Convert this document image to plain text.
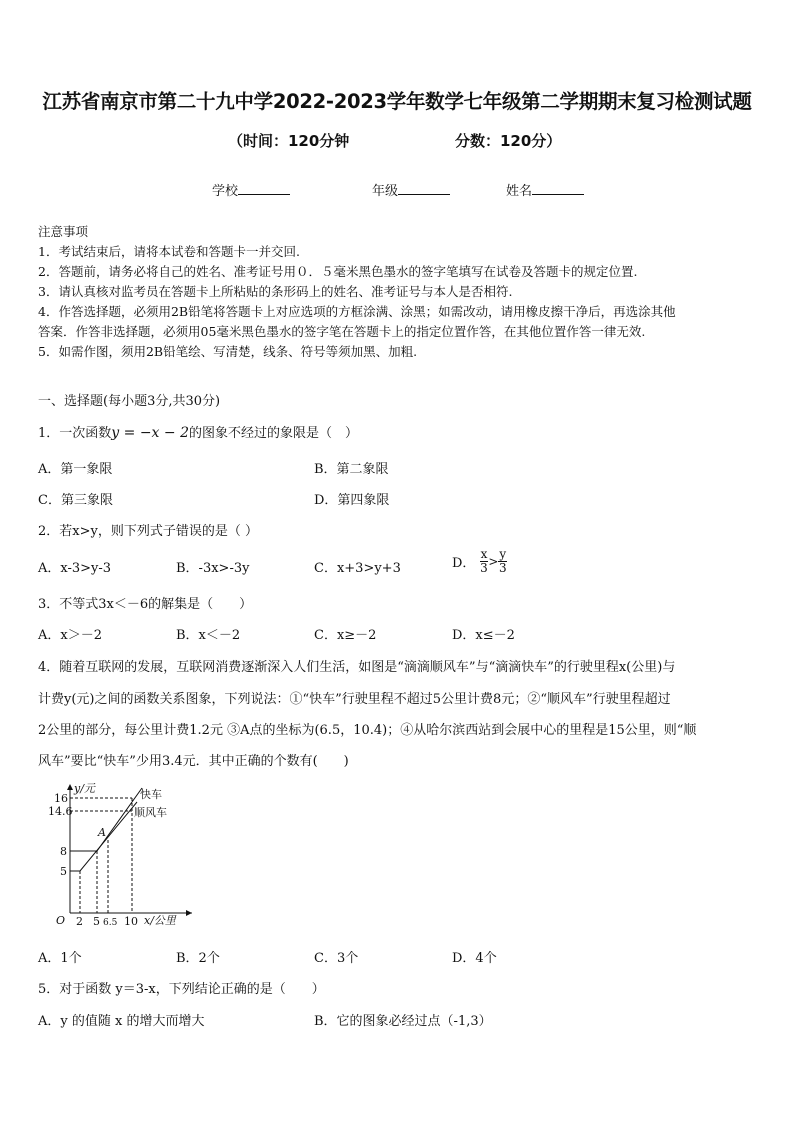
江苏省南京市第二十九中学2022-2023学年数学七年级第二学期期末复习检测试题
（时间：120分钟	分数：120分）
学校	年级	姓名
注意事项
1．考试结束后，请将本试卷和答题卡一并交回.
2．答题前，请务必将自己的姓名、准考证号用０．５毫米黑色墨水的签字笔填写在试卷及答题卡的规定位置.
3．请认真核对监考员在答题卡上所粘贴的条形码上的姓名、准考证号与本人是否相符.
4．作答选择题，必须用2B铅笔将答题卡上对应选项的方框涂满、涂黑；如需改动，请用橡皮擦干净后，再选涂其他
答案．作答非选择题，必须用05毫米黑色墨水的签字笔在答题卡上的指定位置作答，在其他位置作答一律无效.
5．如需作图，须用2B铅笔绘、写清楚，线条、符号等须加黑、加粗.
一、选择题(每小题3分,共30分)
1．一次函数y = −x − 2的图象不经过的象限是（　）
A．第一象限	B．第二象限
C．第三象限	D．第四象限
2．若x>y，则下列式子错误的是（ ）
A．x-3>y-3	B．-3x>-3y	C．x+3>y+3	D． $\frac{x}{3} > \frac{y}{3}$
3．不等式3x＜－6的解集是（　　）
A．x＞－2	B．x＜－2	C．x≥－2	D．x≤－2
4．随着互联网的发展，互联网消费逐渐深入人们生活，如图是“滴滴顺风车”与“滴滴快车”的行驶里程x(公里)与
计费y(元)之间的函数关系图象，下列说法：①“快车”行驶里程不超过5公里计费8元；②“顺风车”行驶里程超过
2公里的部分，每公里计费1.2元 ③A点的坐标为(6.5，10.4)；④从哈尔滨西站到会展中心的里程是15公里，则“顺
风车”要比“快车”少用3.4元．其中正确的个数有(　　)
y/元
x/公里
O
A
快车
顺风车
16
14.6
8
5
2 5 6.5 10
A．1个	B．2个	C．3个	D．4个
5．对于函数 y＝3-x，下列结论正确的是（　　）
A．y 的值随 x 的增大而增大	B．它的图象必经过点（-1,3）
